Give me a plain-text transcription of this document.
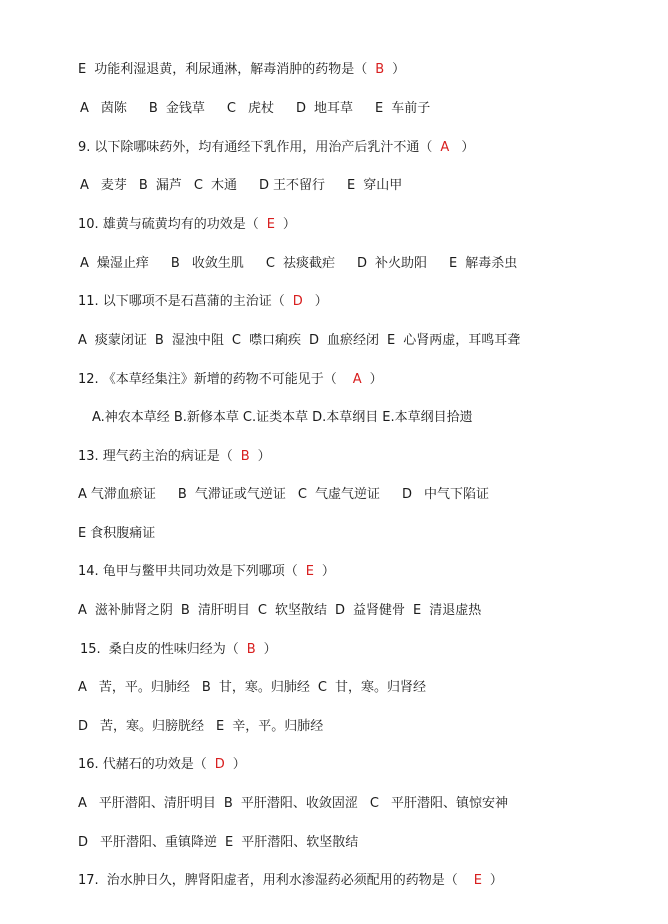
E 功能利湿退黄，利尿通淋，解毒消肿的药物是（ B ）
A 茵陈 B 金钱草 C 虎杖 D 地耳草 E 车前子
9. 以下除哪味药外，均有通经下乳作用，用治产后乳汁不通（ A ）
A 麦芽 B 漏芦 C 木通 D 王不留行 E 穿山甲
10. 雄黄与硫黄均有的功效是（ E ）
A 燥湿止痒 B 收敛生肌 C 祛痰截疟 D 补火助阳 E 解毒杀虫
11. 以下哪项不是石菖蒲的主治证（ D ）
A 痰蒙闭证 B 湿浊中阻 C 噤口痢疾 D 血瘀经闭 E 心肾两虚，耳鸣耳聋
12. 《本草经集注》新增的药物不可能见于（ A ）
A.神农本草经 B.新修本草 C.证类本草 D.本草纲目 E.本草纲目拾遗
13. 理气药主治的病证是（ B ）
A 气滞血瘀证 B 气滞证或气逆证 C 气虚气逆证 D 中气下陷证
E 食积腹痛证
14. 龟甲与鳖甲共同功效是下列哪项（ E ）
A 滋补肺肾之阴 B 清肝明目 C 软坚散结 D 益肾健骨 E 清退虚热
15. 桑白皮的性味归经为（ B ）
A 苦，平。归肺经 B 甘，寒。归肺经 C 甘，寒。归肾经
D 苦，寒。归膀胱经 E 辛，平。归肺经
16. 代赭石的功效是（ D ）
A 平肝潜阳、清肝明目 B 平肝潜阳、收敛固涩 C 平肝潜阳、镇惊安神
D 平肝潜阳、重镇降逆 E 平肝潜阳、软坚散结
17. 治水肿日久，脾肾阳虚者，用利水渗湿药必须配用的药物是（ E ）
